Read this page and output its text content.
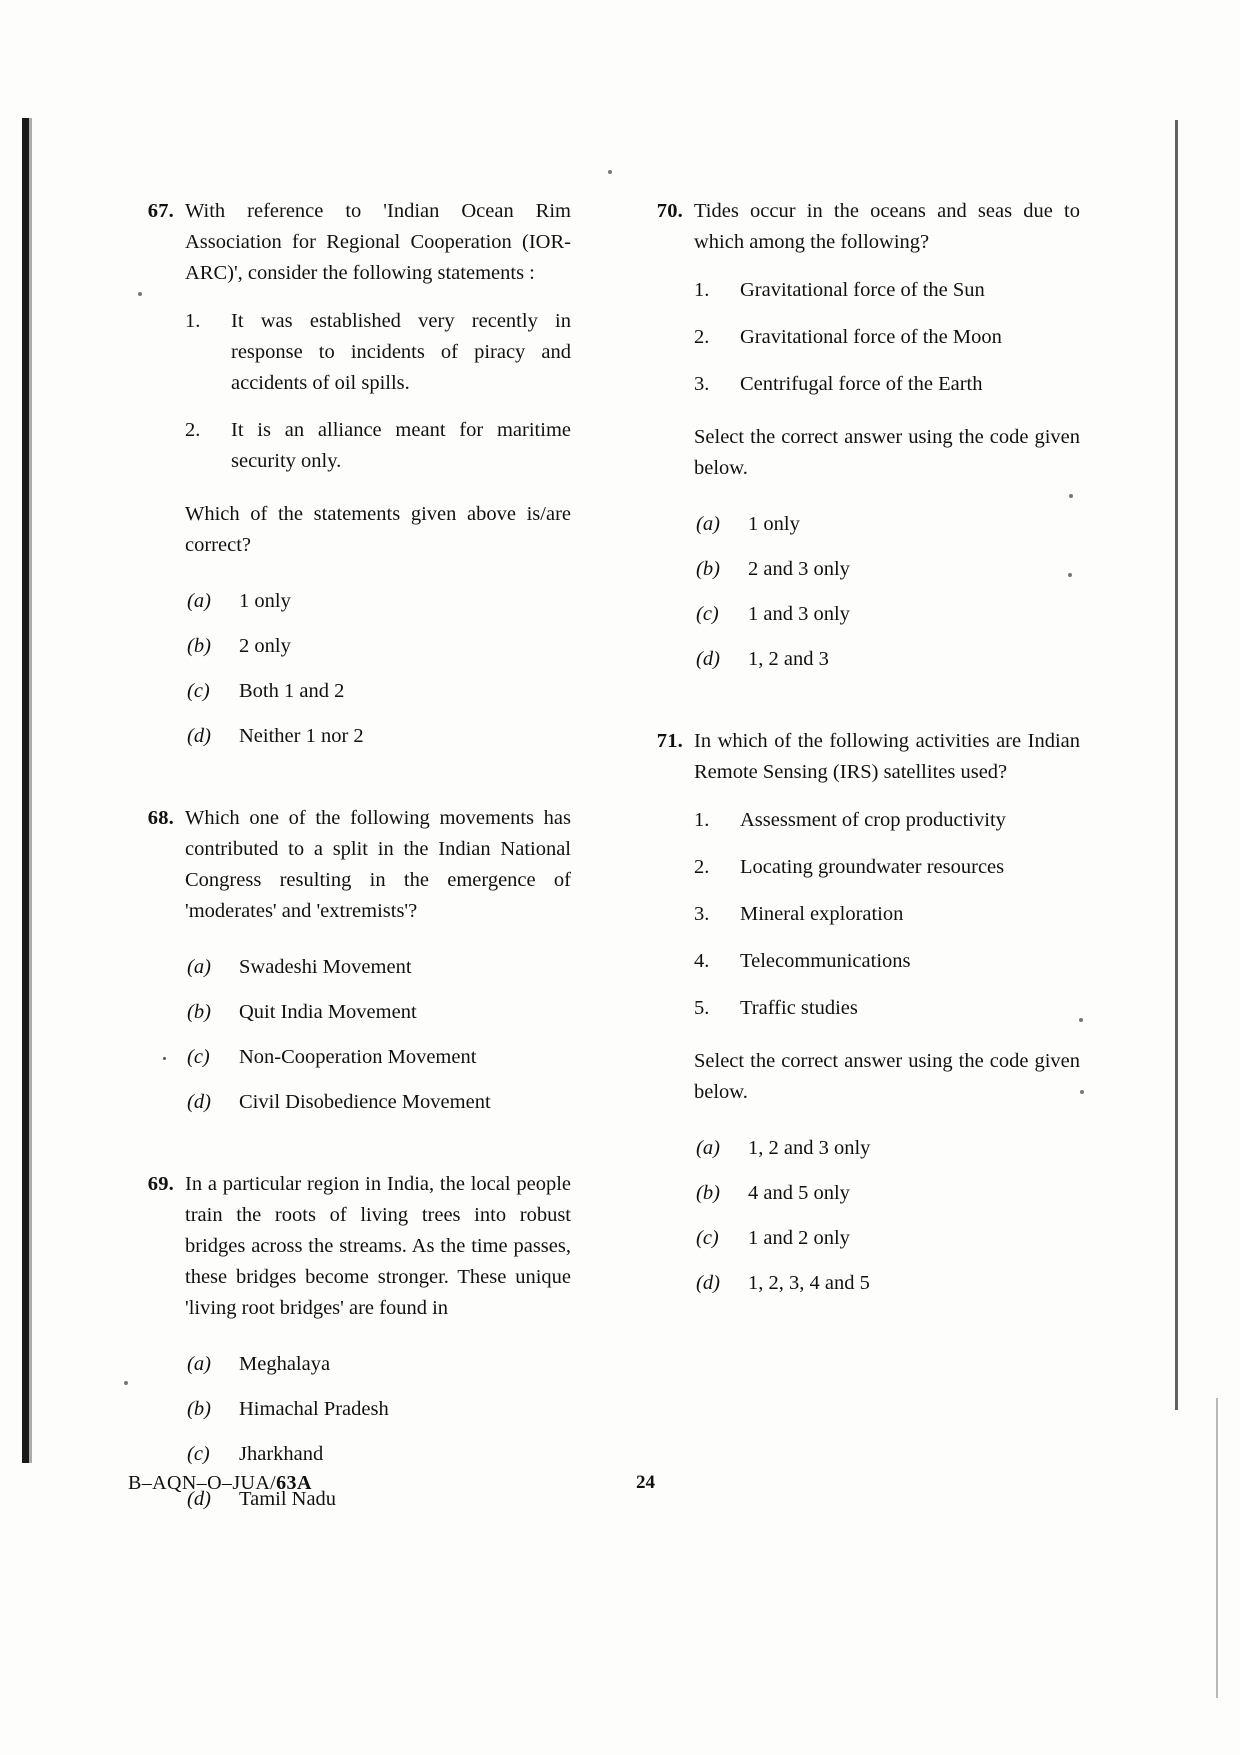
67. With reference to 'Indian Ocean Rim Association for Regional Cooperation (IOR-ARC)', consider the following statements :

1.	It was established very recently in response to incidents of piracy and accidents of oil spills.
2.	It is an alliance meant for maritime security only.

Which of the statements given above is/are correct?

(a)	1 only
(b)	2 only
(c)	Both 1 and 2
(d)	Neither 1 nor 2
68. Which one of the following movements has contributed to a split in the Indian National Congress resulting in the emergence of 'moderates' and 'extremists'?

(a)	Swadeshi Movement
(b)	Quit India Movement
(c)	Non-Cooperation Movement
(d)	Civil Disobedience Movement
69. In a particular region in India, the local people train the roots of living trees into robust bridges across the streams. As the time passes, these bridges become stronger. These unique 'living root bridges' are found in

(a)	Meghalaya
(b)	Himachal Pradesh
(c)	Jharkhand
(d)	Tamil Nadu
70. Tides occur in the oceans and seas due to which among the following?

1.	Gravitational force of the Sun
2.	Gravitational force of the Moon
3.	Centrifugal force of the Earth

Select the correct answer using the code given below.

(a)	1 only
(b)	2 and 3 only
(c)	1 and 3 only
(d)	1, 2 and 3
71. In which of the following activities are Indian Remote Sensing (IRS) satellites used?

1.	Assessment of crop productivity
2.	Locating groundwater resources
3.	Mineral exploration
4.	Telecommunications
5.	Traffic studies

Select the correct answer using the code given below.

(a)	1, 2 and 3 only
(b)	4 and 5 only
(c)	1 and 2 only
(d)	1, 2, 3, 4 and 5
B–AQN–O–JUA/63A	24
